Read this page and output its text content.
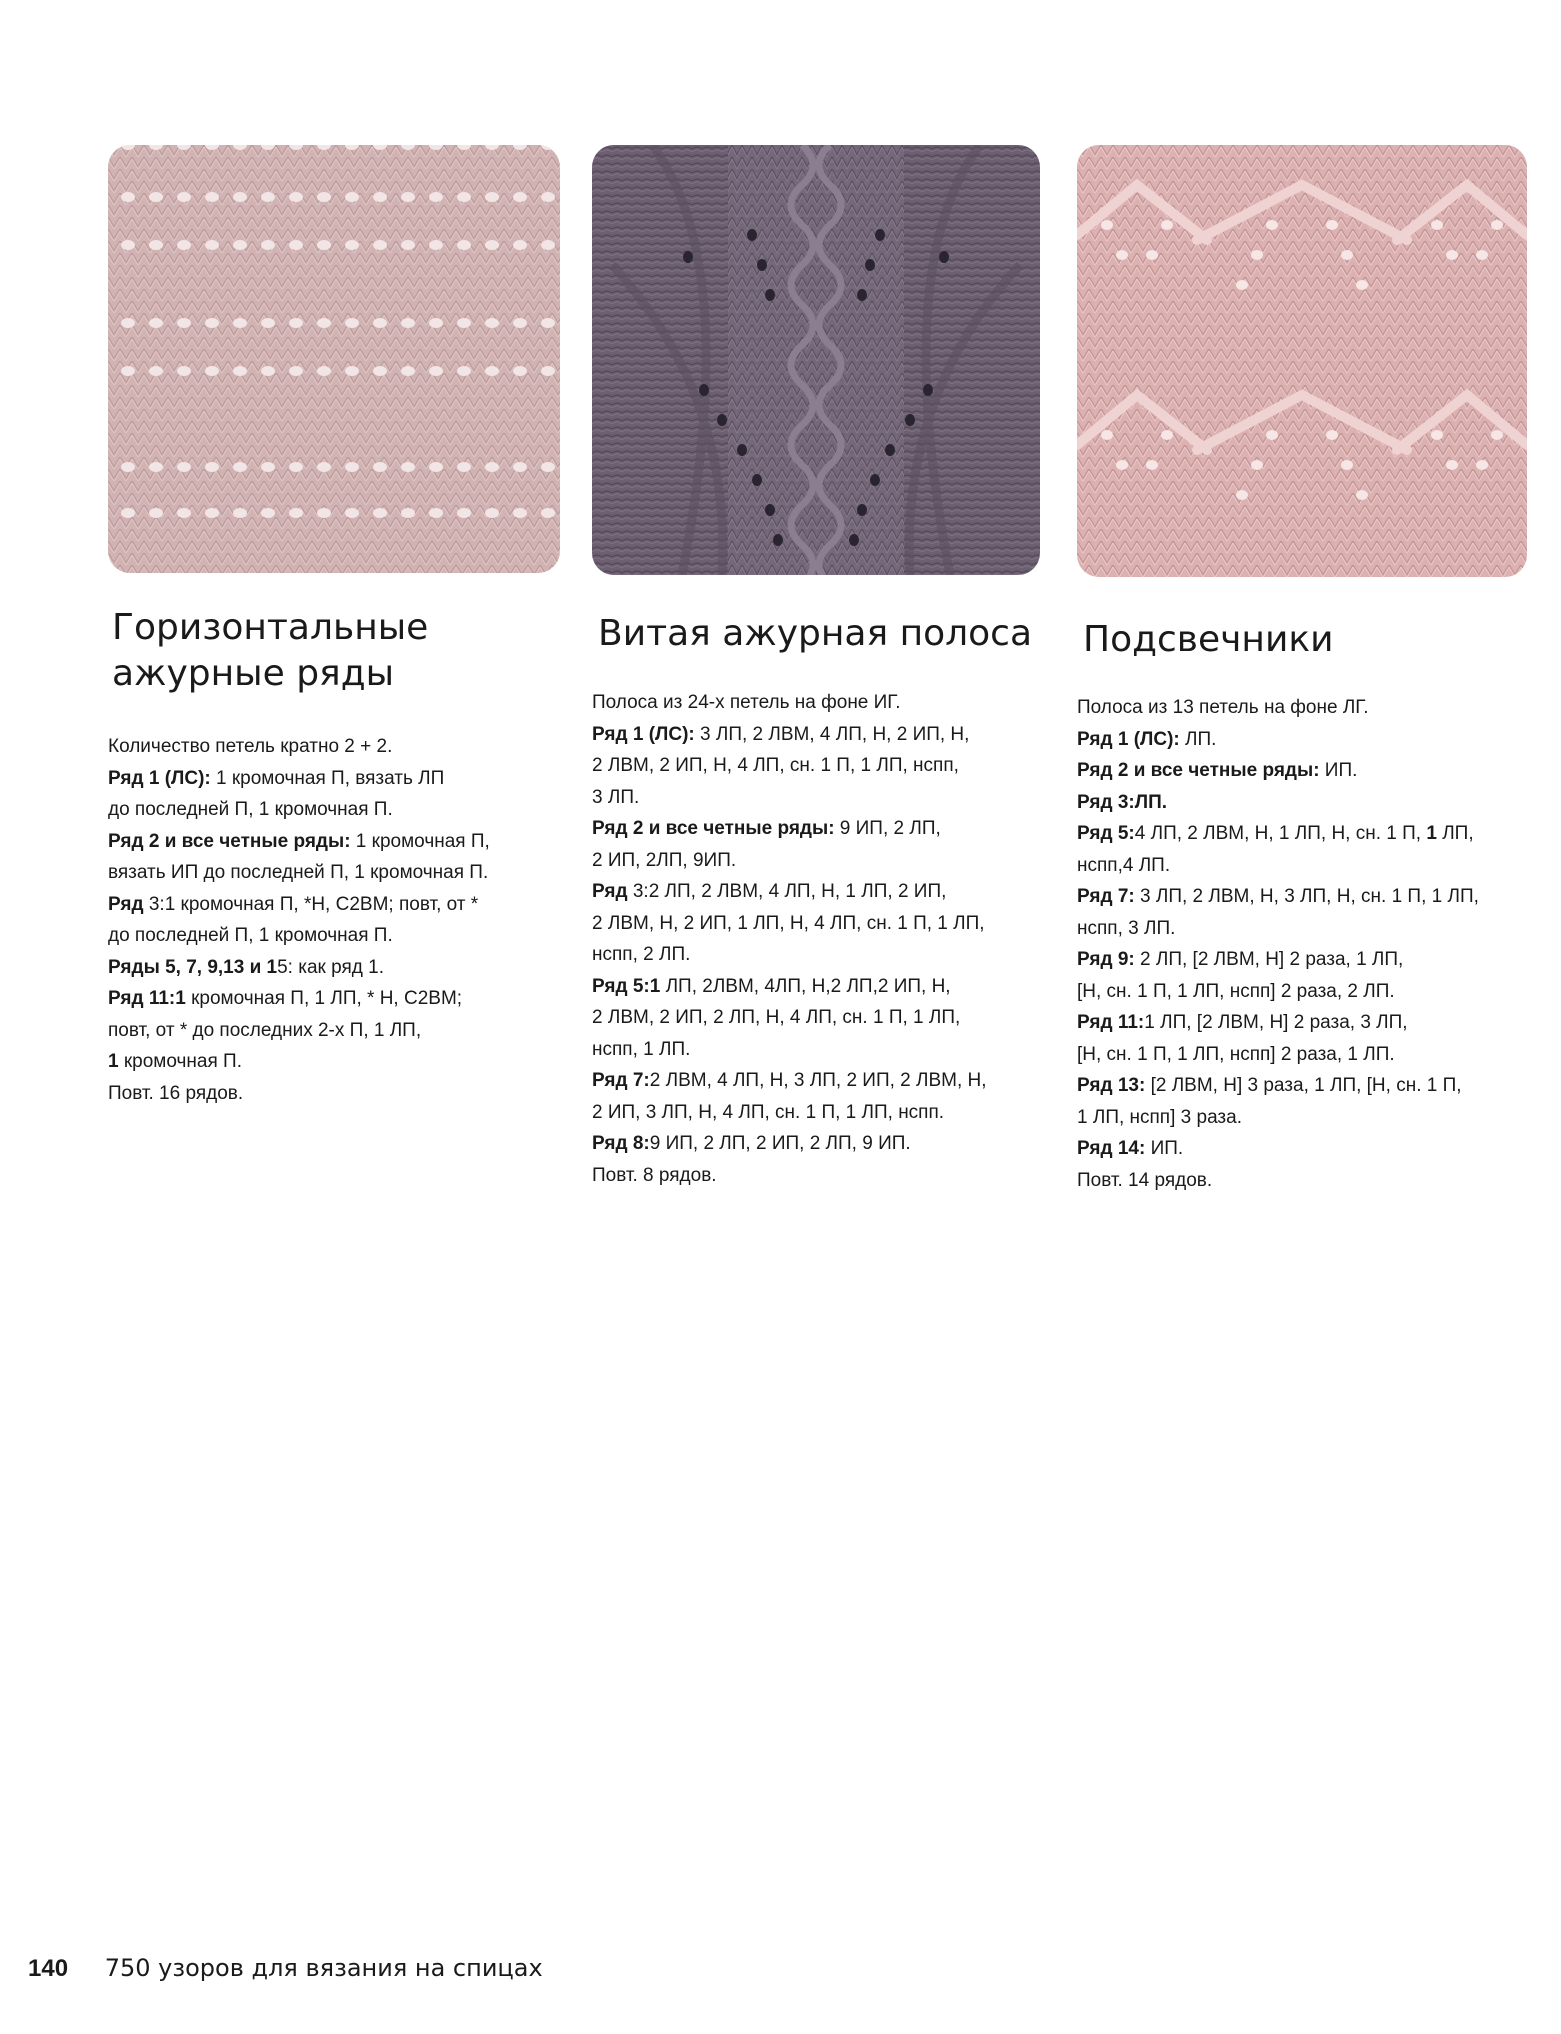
Горизонтальные
ажурные ряды
Количество петель кратно 2 + 2.
Ряд 1 (ЛС): 1 кромочная П, вязать ЛП
до последней П, 1 кромочная П.
Ряд 2 и все четные ряды: 1 кромочная П,
вязать ИП до последней П, 1 кромочная П.
Ряд 3:1 кромочная П, *Н, С2ВМ; повт, от *
до последней П, 1 кромочная П.
Ряды 5, 7, 9,13 и 15: как ряд 1.
Ряд 11:1 кромочная П, 1 ЛП, * Н, С2ВМ;
повт, от * до последних 2-х П, 1 ЛП,
1 кромочная П.
Повт. 16 рядов.
Витая ажурная полоса
Полоса из 24-х петель на фоне ИГ.
Ряд 1 (ЛС): 3 ЛП, 2 ЛВМ, 4 ЛП, Н, 2 ИП, Н,
2 ЛВМ, 2 ИП, Н, 4 ЛП, сн. 1 П, 1 ЛП, нспп,
3 ЛП.
Ряд 2 и все четные ряды: 9 ИП, 2 ЛП,
2 ИП, 2ЛП, 9ИП.
Ряд 3:2 ЛП, 2 ЛВМ, 4 ЛП, Н, 1 ЛП, 2 ИП,
2 ЛВМ, Н, 2 ИП, 1 ЛП, Н, 4 ЛП, сн. 1 П, 1 ЛП,
нспп, 2 ЛП.
Ряд 5:1 ЛП, 2ЛВМ, 4ЛП, Н,2 ЛП,2 ИП, Н,
2 ЛВМ, 2 ИП, 2 ЛП, Н, 4 ЛП, сн. 1 П, 1 ЛП,
нспп, 1 ЛП.
Ряд 7:2 ЛВМ, 4 ЛП, Н, 3 ЛП, 2 ИП, 2 ЛВМ, Н,
2 ИП, 3 ЛП, Н, 4 ЛП, сн. 1 П, 1 ЛП, нспп.
Ряд 8:9 ИП, 2 ЛП, 2 ИП, 2 ЛП, 9 ИП.
Повт. 8 рядов.
Подсвечники
Полоса из 13 петель на фоне ЛГ.
Ряд 1 (ЛС): ЛП.
Ряд 2 и все четные ряды: ИП.
Ряд 3:ЛП.
Ряд 5:4 ЛП, 2 ЛВМ, Н, 1 ЛП, Н, сн. 1 П, 1 ЛП,
нспп,4 ЛП.
Ряд 7: 3 ЛП, 2 ЛВМ, Н, 3 ЛП, Н, сн. 1 П, 1 ЛП,
нспп, 3 ЛП.
Ряд 9: 2 ЛП, [2 ЛВМ, Н] 2 раза, 1 ЛП,
[Н, сн. 1 П, 1 ЛП, нспп] 2 раза, 2 ЛП.
Ряд 11:1 ЛП, [2 ЛВМ, Н] 2 раза, 3 ЛП,
[Н, сн. 1 П, 1 ЛП, нспп] 2 раза, 1 ЛП.
Ряд 13: [2 ЛВМ, Н] 3 раза, 1 ЛП, [Н, сн. 1 П,
1 ЛП, нспп] 3 раза.
Ряд 14: ИП.
Повт. 14 рядов.
140 750 узоров для вязания на спицах
